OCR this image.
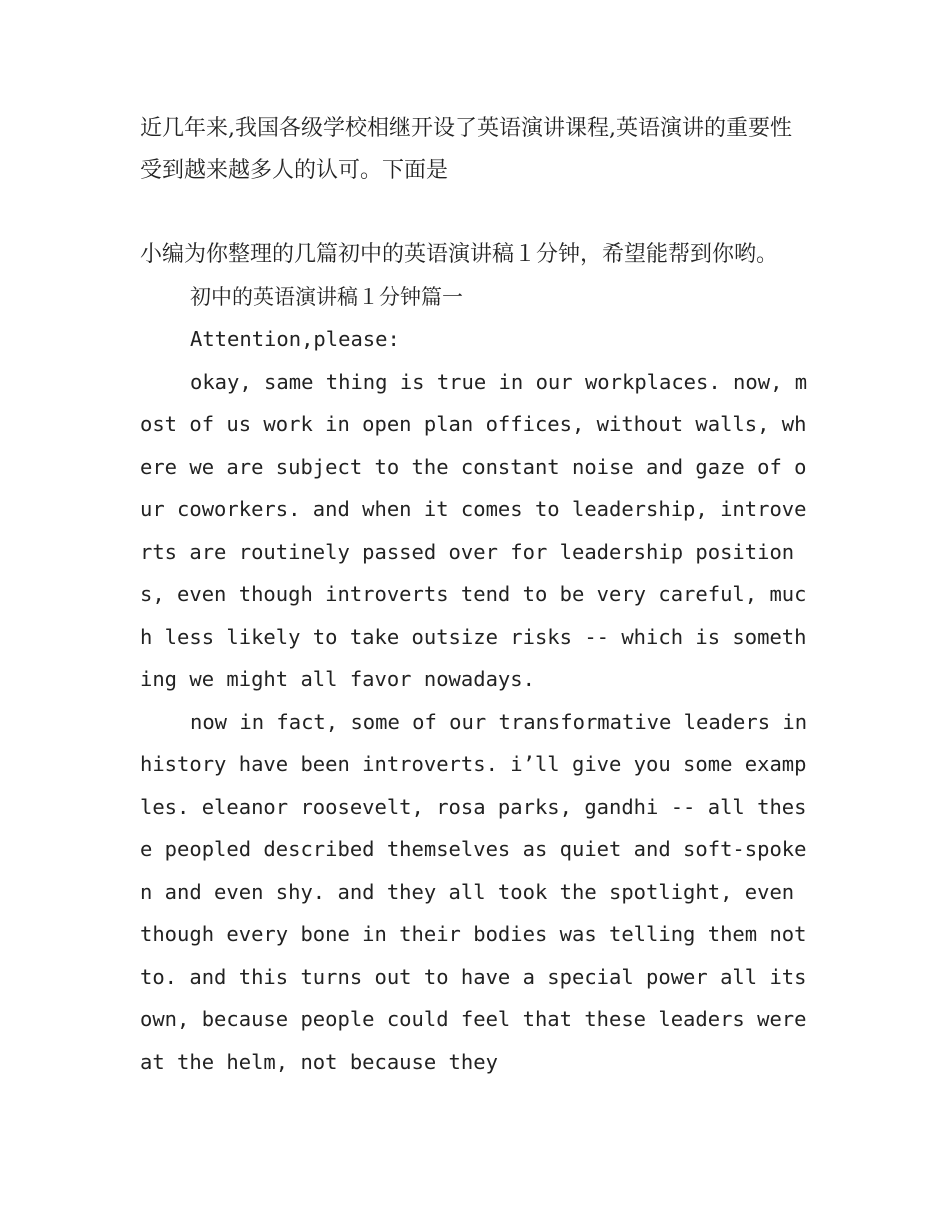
近几年来,我国各级学校相继开设了英语演讲课程,英语演讲的重要性受到越来越多人的认可。下面是

小编为你整理的几篇初中的英语演讲稿１分钟，希望能帮到你哟。

初中的英语演讲稿１分钟篇一

Attention,please:

okay, same thing is true in our workplaces. now, most of us work in open plan offices, without walls, where we are subject to the constant noise and gaze of our coworkers. and when it comes to leadership, introverts are routinely passed over for leadership positions, even though introverts tend to be very careful, much less likely to take outsize risks -- which is something we might all favor nowadays.

now in fact, some of our transformative leaders in history have been introverts. i’ll give you some examples. eleanor roosevelt, rosa parks, gandhi -- all these peopled described themselves as quiet and soft-spoken and even shy. and they all took the spotlight, even though every bone in their bodies was telling them not to. and this turns out to have a special power all its own, because people could feel that these leaders were at the helm, not because they
